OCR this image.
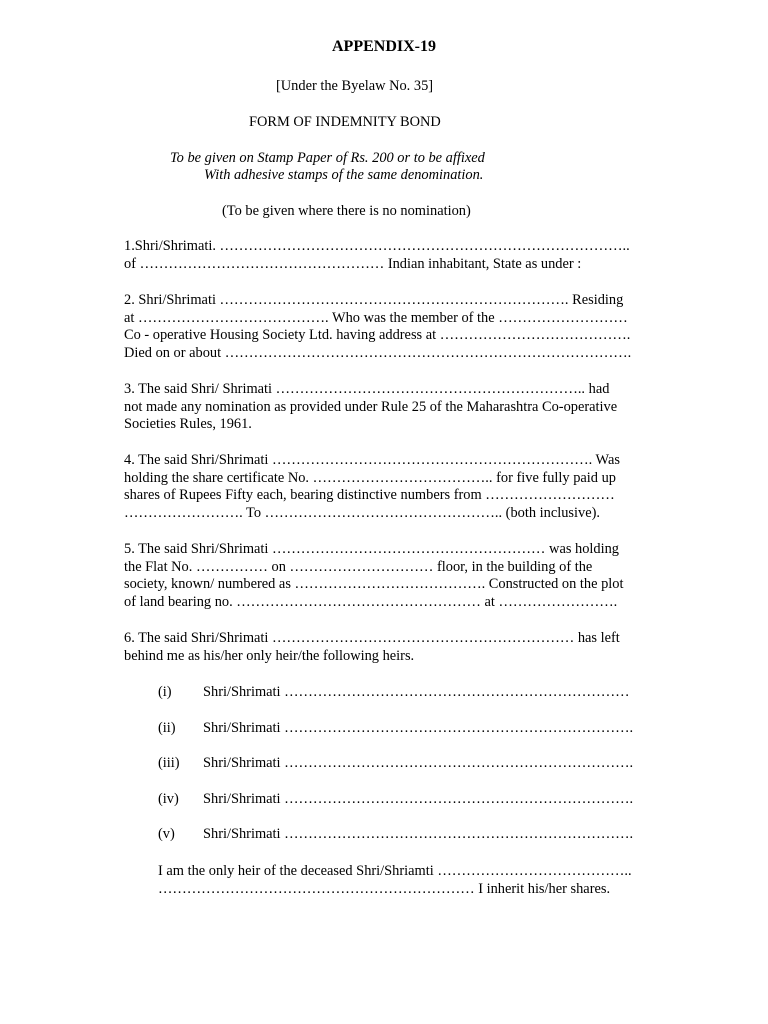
APPENDIX-19
[Under the Byelaw No. 35]
FORM OF INDEMNITY BOND
To be given on Stamp Paper of Rs. 200 or to be affixed
With adhesive stamps of the same denomination.
(To be given where there is no nomination)
1.Shri/Shrimati. …………………………………………………………………………..
of …………………………………………… Indian inhabitant, State as under :
2. Shri/Shrimati ………………………………………………………………. Residing
at …………………………………. Who was the member of the ………………………
Co - operative Housing Society Ltd. having address at ………………………………….
Died on or about ………………………………………………………………………….
3. The said Shri/ Shrimati ……………………………………………………….. had
not made any nomination as provided under Rule 25 of the Maharashtra Co-operative
Societies Rules, 1961.
4. The said Shri/Shrimati …………………………………………………………. Was
holding the share certificate No. ……………………………….. for five fully paid up
shares of Rupees Fifty each, bearing distinctive numbers from ………………………
……………………. To ………………………………………….. (both inclusive).
5. The said Shri/Shrimati ………………………………………………… was holding
the Flat No. …………… on ………………………… floor, in the building of the
society, known/ numbered as …………………………………. Constructed on the plot
of land bearing no. …………………………………………… at …………………….
6. The said Shri/Shrimati ……………………………………………………… has left
behind me as his/her only heir/the following heirs.
(i) Shri/Shrimati ………………………………………………………………
(ii) Shri/Shrimati ……………………………………………………………….
(iii) Shri/Shrimati ……………………………………………………………….
(iv) Shri/Shrimati ……………………………………………………………….
(v) Shri/Shrimati ……………………………………………………………….
I am the only heir of the deceased Shri/Shriamti …………………………………..
………………………………………………………… I inherit his/her shares.
